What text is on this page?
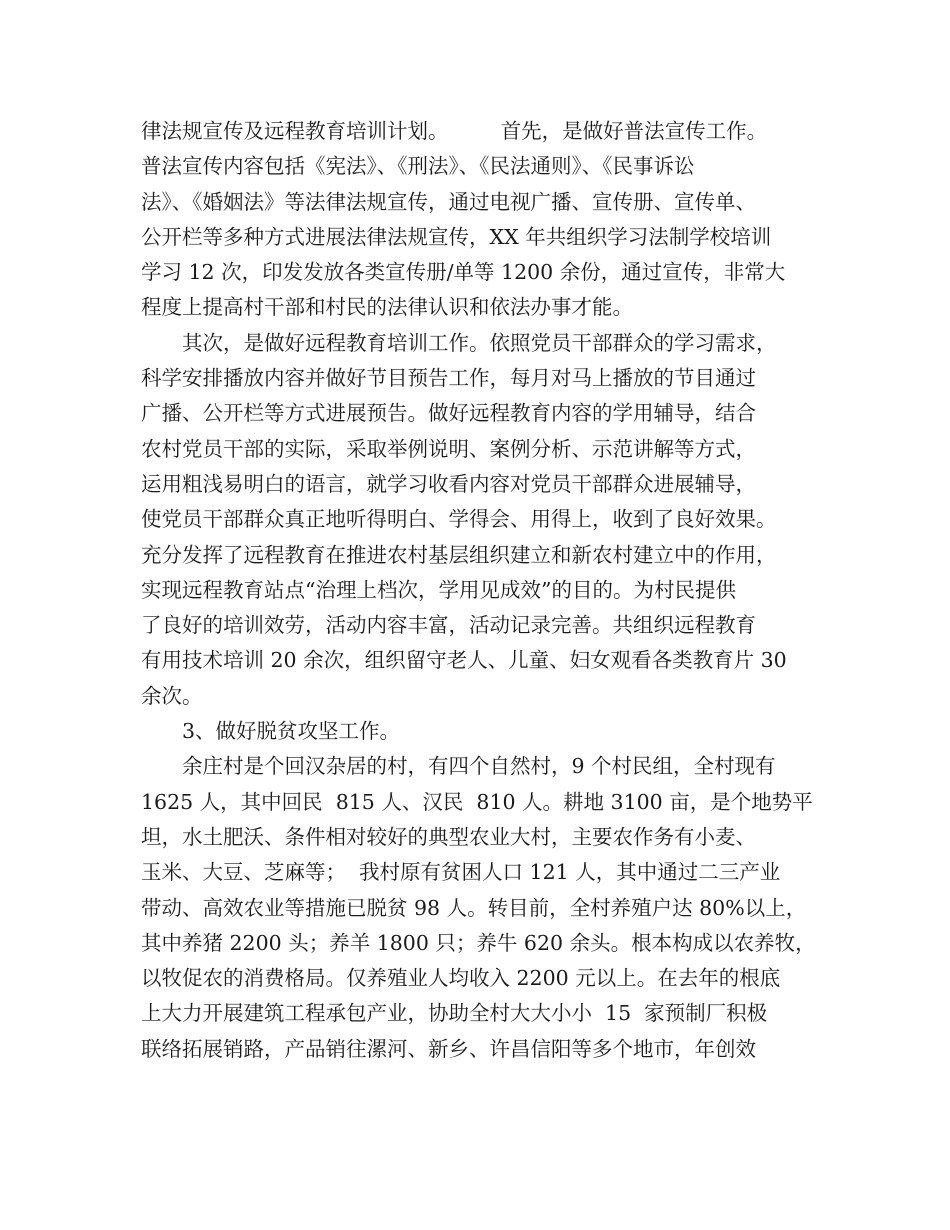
律法规宣传及远程教育培训计划。        首先，是做好普法宣传工作。
普法宣传内容包括《宪法》、《刑法》、《民法通则》、《民事诉讼
法》、《婚姻法》等法律法规宣传，通过电视广播、宣传册、宣传单、
公开栏等多种方式进展法律法规宣传，XX 年共组织学习法制学校培训
学习 12 次，印发发放各类宣传册/单等 1200 余份，通过宣传，非常大
程度上提高村干部和村民的法律认识和依法办事才能。
其次，是做好远程教育培训工作。依照党员干部群众的学习需求，
科学安排播放内容并做好节目预告工作，每月对马上播放的节目通过
广播、公开栏等方式进展预告。做好远程教育内容的学用辅导，结合
农村党员干部的实际，采取举例说明、案例分析、示范讲解等方式，
运用粗浅易明白的语言，就学习收看内容对党员干部群众进展辅导，
使党员干部群众真正地听得明白、学得会、用得上，收到了良好效果。
充分发挥了远程教育在推进农村基层组织建立和新农村建立中的作用，
实现远程教育站点“治理上档次，学用见成效”的目的。为村民提供
了良好的培训效劳，活动内容丰富，活动记录完善。共组织远程教育
有用技术培训 20 余次，组织留守老人、儿童、妇女观看各类教育片 30
余次。
3、做好脱贫攻坚工作。
余庄村是个回汉杂居的村，有四个自然村，9 个村民组，全村现有
1625 人，其中回民  815 人、汉民  810 人。耕地 3100 亩，是个地势平
坦，水土肥沃、条件相对较好的典型农业大村，主要农作务有小麦、
玉米、大豆、芝麻等；  我村原有贫困人口 121 人，其中通过二三产业
带动、高效农业等措施已脱贫 98 人。转目前，全村养殖户达 80%以上，
其中养猪 2200 头；养羊 1800 只；养牛 620 余头。根本构成以农养牧，
以牧促农的消费格局。仅养殖业人均收入 2200 元以上。在去年的根底
上大力开展建筑工程承包产业，协助全村大大小小  15  家预制厂积极
联络拓展销路，产品销往漯河、新乡、许昌信阳等多个地市，年创效
